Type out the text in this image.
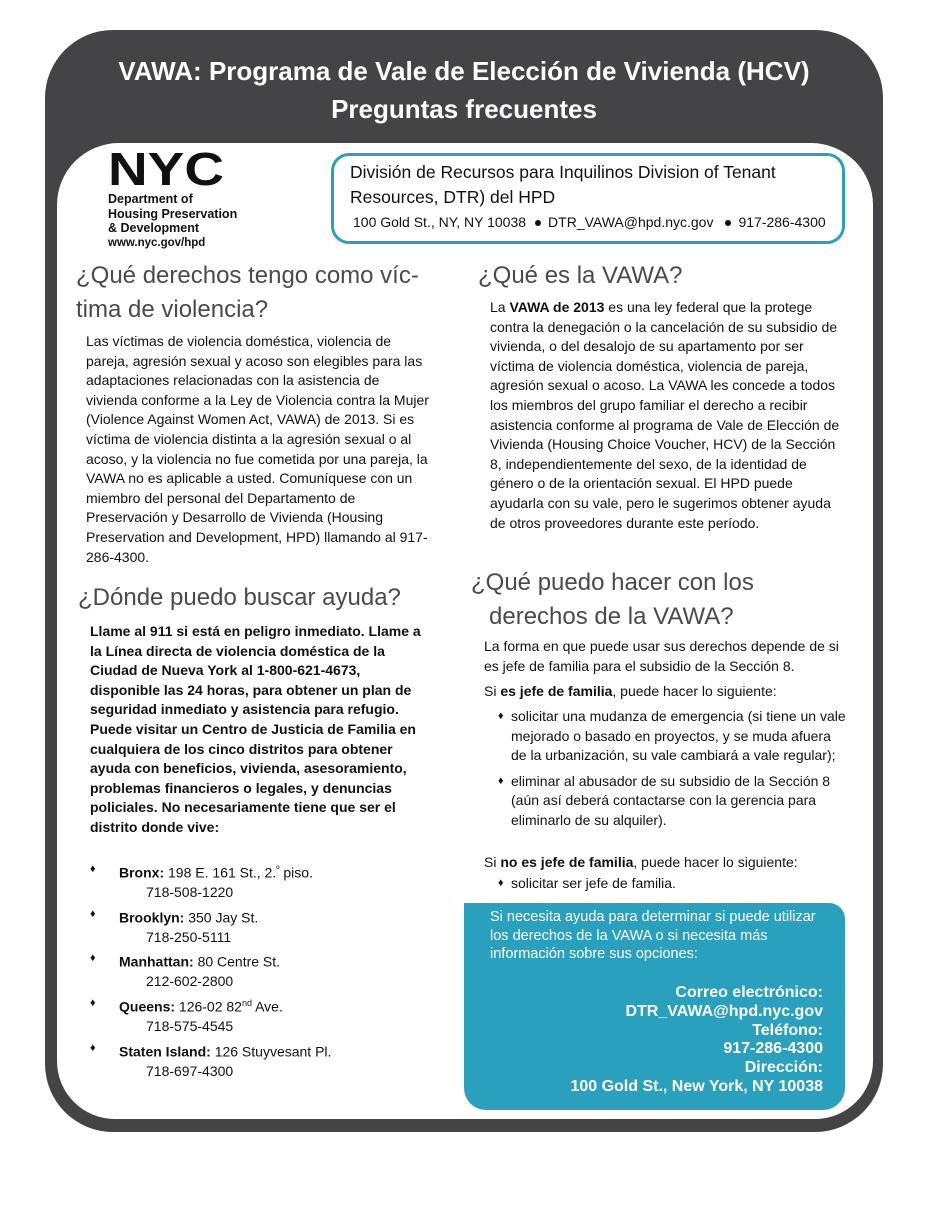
VAWA: Programa de Vale de Elección de Vivienda (HCV)
Preguntas frecuentes
NYC
Department of
Housing Preservation
& Development
www.nyc.gov/hpd
División de Recursos para Inquilinos Division of Tenant Resources, DTR) del HPD
100 Gold St., NY, NY 10038 DTR_VAWA@hpd.nyc.gov 917-286-4300
¿Qué derechos tengo como víc-
tima de violencia?
Las víctimas de violencia doméstica, violencia de pareja, agresión sexual y acoso son elegibles para las adaptaciones relacionadas con la asistencia de vivienda conforme a la Ley de Violencia contra la Mujer (Violence Against Women Act, VAWA) de 2013. Si es víctima de violencia distinta a la agresión sexual o al acoso, y la violencia no fue cometida por una pareja, la VAWA no es aplicable a usted. Comuníquese con un miembro del personal del Departamento de Preservación y Desarrollo de Vivienda (Housing Preservation and Development, HPD) llamando al 917-286-4300.
¿Dónde puedo buscar ayuda?
Llame al 911 si está en peligro inmediato. Llame a la Línea directa de violencia doméstica de la Ciudad de Nueva York al 1-800-621-4673, disponible las 24 horas, para obtener un plan de seguridad inmediato y asistencia para refugio. Puede visitar un Centro de Justicia de Familia en cualquiera de los cinco distritos para obtener ayuda con beneficios, vivienda, asesoramiento, problemas financieros o legales, y denuncias policiales. No necesariamente tiene que ser el distrito donde vive:
♦ Bronx: 198 E. 161 St., 2.$^º$ piso.
718-508-1220
♦ Brooklyn: 350 Jay St.
718-250-5111
♦ Manhattan: 80 Centre St.
212-602-2800
♦ Queens: 126-02 82nd Ave.
718-575-4545
♦ Staten Island: 126 Stuyvesant Pl.
718-697-4300
¿Qué es la VAWA?
La VAWA de 2013 es una ley federal que la protege contra la denegación o la cancelación de su subsidio de vivienda, o del desalojo de su apartamento por ser víctima de violencia doméstica, violencia de pareja, agresión sexual o acoso. La VAWA les concede a todos los miembros del grupo familiar el derecho a recibir asistencia conforme al programa de Vale de Elección de Vivienda (Housing Choice Voucher, HCV) de la Sección 8, independientemente del sexo, de la identidad de género o de la orientación sexual. El HPD puede ayudarla con su vale, pero le sugerimos obtener ayuda de otros proveedores durante este período.
¿Qué puedo hacer con los
derechos de la VAWA?
La forma en que puede usar sus derechos depende de si es jefe de familia para el subsidio de la Sección 8.
Si es jefe de familia, puede hacer lo siguiente:
♦ solicitar una mudanza de emergencia (si tiene un vale mejorado o basado en proyectos, y se muda afuera de la urbanización, su vale cambiará a vale regular);
♦ eliminar al abusador de su subsidio de la Sección 8 (aún así deberá contactarse con la gerencia para eliminarlo de su alquiler).
Si no es jefe de familia, puede hacer lo siguiente:
♦ solicitar ser jefe de familia.
Si necesita ayuda para determinar si puede utilizar los derechos de la VAWA o si necesita más información sobre sus opciones:
Correo electrónico:
DTR_VAWA@hpd.nyc.gov
Teléfono:
917-286-4300
Dirección:
100 Gold St., New York, NY 10038
